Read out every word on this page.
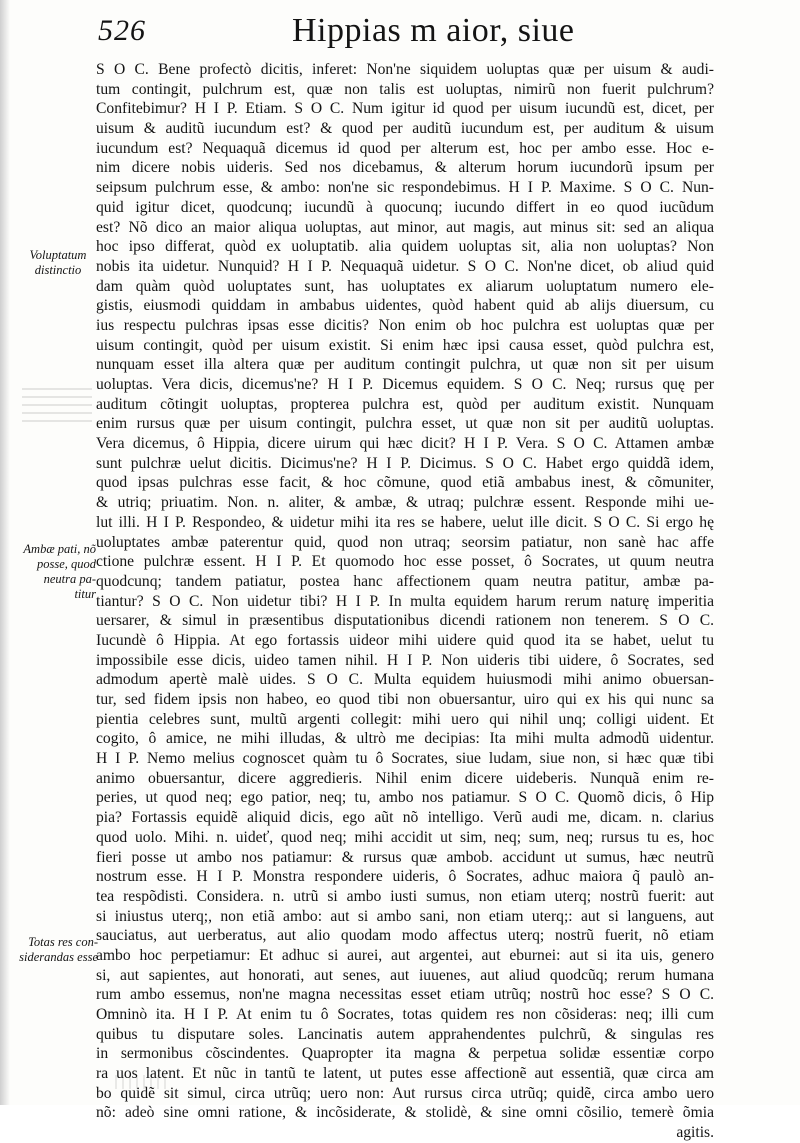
526	Hippias m aior, siue
Voluptatum
distinctio
Ambæ pati, nõ
posse, quod
neutra pa-
titur
Totas res con-
siderandas esse
S O C. Bene profectò dicitis, inferet: Non'ne siquidem uoluptas quæ per uisum & audi-
tum contingit, pulchrum est, quæ non talis est uoluptas, nimirũ non fuerit pulchrum?
Confitebimur? H I P. Etiam. S O C. Num igitur id quod per uisum iucundũ est, dicet, per
uisum & auditũ iucundum est? & quod per auditũ iucundum est, per auditum & uisum
iucundum est? Nequaquã dicemus id quod per alterum est, hoc per ambo esse. Hoc e-
nim dicere nobis uideris. Sed nos dicebamus, & alterum horum iucundorũ ipsum per
seipsum pulchrum esse, & ambo: non'ne sic respondebimus. H I P. Maxime. S O C. Nun-
quid igitur dicet, quodcunq; iucundũ à quocunq; iucundo differt in eo quod iucũdum
est? Nõ dico an maior aliqua uoluptas, aut minor, aut magis, aut minus sit: sed an aliqua
hoc ipso differat, quòd ex uoluptatib. alia quidem uoluptas sit, alia non uoluptas? Non
nobis ita uidetur. Nunquid? H I P. Nequaquã uidetur. S O C. Non'ne dicet, ob aliud quid
dam quàm quòd uoluptates sunt, has uoluptates ex aliarum uoluptatum numero ele-
gistis, eiusmodi quiddam in ambabus uidentes, quòd habent quid ab alijs diuersum, cu
ius respectu pulchras ipsas esse dicitis? Non enim ob hoc pulchra est uoluptas quæ per
uisum contingit, quòd per uisum existit. Si enim hæc ipsi causa esset, quòd pulchra est,
nunquam esset illa altera quæ per auditum contingit pulchra, ut quæ non sit per uisum
uoluptas. Vera dicis, dicemus'ne? H I P. Dicemus equidem. S O C. Neq; rursus quę per
auditum cõtingit uoluptas, propterea pulchra est, quòd per auditum existit. Nunquam
enim rursus quæ per uisum contingit, pulchra esset, ut quæ non sit per auditũ uoluptas.
Vera dicemus, ô Hippia, dicere uirum qui hæc dicit? H I P. Vera. S O C. Attamen ambæ
sunt pulchræ uelut dicitis. Dicimus'ne? H I P. Dicimus. S O C. Habet ergo quiddã idem,
quod ipsas pulchras esse facit, & hoc cõmune, quod etiã ambabus inest, & cõmuniter,
& utriq; priuatim. Non. n. aliter, & ambæ, & utraq; pulchræ essent. Responde mihi ue-
lut illi. H I P. Respondeo, & uidetur mihi ita res se habere, uelut ille dicit. S O C. Si ergo hę
uoluptates ambæ paterentur quid, quod non utraq; seorsim patiatur, non sanè hac affe
ctione pulchræ essent. H I P. Et quomodo hoc esse posset, ô Socrates, ut quum neutra
quodcunq; tandem patiatur, postea hanc affectionem quam neutra patitur, ambæ pa-
tiantur? S O C. Non uidetur tibi? H I P. In multa equidem harum rerum naturę imperitia
uersarer, & simul in præsentibus disputationibus dicendi rationem non tenerem. S O C.
Iucundè ô Hippia. At ego fortassis uideor mihi uidere quid quod ita se habet, uelut tu
impossibile esse dicis, uideo tamen nihil. H I P. Non uideris tibi uidere, ô Socrates, sed
admodum apertè malè uides. S O C. Multa equidem huiusmodi mihi animo obuersan-
tur, sed fidem ipsis non habeo, eo quod tibi non obuersantur, uiro qui ex his qui nunc sa
pientia celebres sunt, multũ argenti collegit: mihi uero qui nihil unq; colligi uident. Et
cogito, ô amice, ne mihi illudas, & ultrò me decipias: Ita mihi multa admodũ uidentur.
H I P. Nemo melius cognoscet quàm tu ô Socrates, siue ludam, siue non, si hæc quæ tibi
animo obuersantur, dicere aggredieris. Nihil enim dicere uideberis. Nunquã enim re-
peries, ut quod neq; ego patior, neq; tu, ambo nos patiamur. S O C. Quomõ dicis, ô Hip
pia? Fortassis equidẽ aliquid dicis, ego aũt nõ intelligo. Verũ audi me, dicam. n. clarius
quod uolo. Mihi. n. uideť, quod neq; mihi accidit ut sim, neq; sum, neq; rursus tu es, hoc
fieri posse ut ambo nos patiamur: & rursus quæ ambob. accidunt ut sumus, hæc neutrũ
nostrum esse. H I P. Monstra respondere uideris, ô Socrates, adhuc maiora q̃ paulò an-
tea respõdisti. Considera. n. utrũ si ambo iusti sumus, non etiam uterq; nostrũ fuerit: aut
si iniustus uterq;, non etiã ambo: aut si ambo sani, non etiam uterq;: aut si languens, aut
sauciatus, aut uerberatus, aut alio quodam modo affectus uterq; nostrũ fuerit, nõ etiam
ambo hoc perpetiamur: Et adhuc si aurei, aut argentei, aut eburnei: aut si ita uis, genero
si, aut sapientes, aut honorati, aut senes, aut iuuenes, aut aliud quodcũq; rerum humana
rum ambo essemus, non'ne magna necessitas esset etiam utrũq; nostrũ hoc esse? S O C.
Omninò ita. H I P. At enim tu ô Socrates, totas quidem res non cõsideras: neq; illi cum
quibus tu disputare soles. Lancinatis autem apprahendentes pulchrũ, & singulas res
in sermonibus cõscindentes. Quapropter ita magna & perpetua solidæ essentiæ corpo
ra uos latent. Et nũc in tantũ te latent, ut putes esse affectionẽ aut essentiã, quæ circa am
bo quidẽ sit simul, circa utrũq; uero non: Aut rursus circa utrũq; quidẽ, circa ambo uero
nõ: adeò sine omni ratione, & incõsiderate, & stolidè, & sine omni cõsilio, temerè õmia
agitis.
